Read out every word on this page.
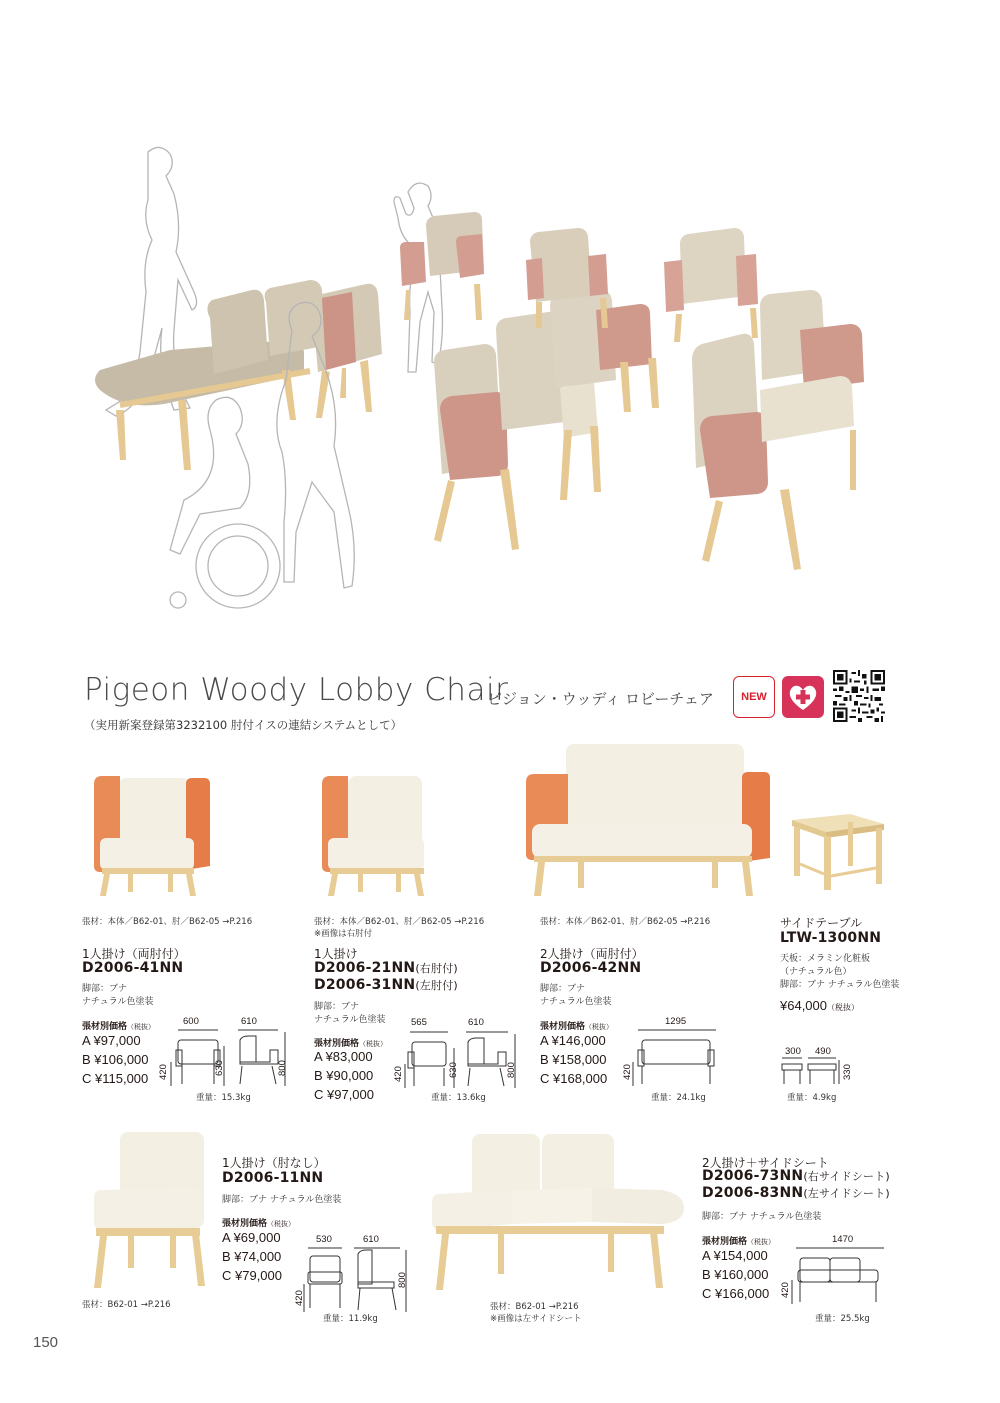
Pigeon Woody Lobby Chair
ピジョン・ウッディ ロビーチェア
（実用新案登録第3232100 肘付イスの連結システムとして）
NEW
張材：本体／B62-01、肘／B62-05 →P.216
1人掛け（両肘付）
D2006-41NN
脚部：ブナ
ナチュラル色塗装
張材別価格（税抜）
A ¥97,000
B ¥106,000
C ¥115,000
600	610
420	630	800
重量：15.3kg
張材：本体／B62-01、肘／B62-05 →P.216
※画像は右肘付
1人掛け
D2006-21NN(右肘付)
D2006-31NN(左肘付)
脚部：ブナ
ナチュラル色塗装
張材別価格（税抜）
A ¥83,000
B ¥90,000
C ¥97,000
565	610
420	630	800
重量：13.6kg
張材：本体／B62-01、肘／B62-05 →P.216
2人掛け（両肘付）
D2006-42NN
脚部：ブナ
ナチュラル色塗装
張材別価格（税抜）
A ¥146,000
B ¥158,000
C ¥168,000
1295
420
重量：24.1kg
サイドテーブル
LTW-1300NN
天板：メラミン化粧板
（ナチュラル色）
脚部：ブナ ナチュラル色塗装
¥64,000（税抜）
300 490
330
重量：4.9kg
張材：B62-01 →P.216
1人掛け（肘なし）
D2006-11NN
脚部：ブナ ナチュラル色塗装
張材別価格（税抜）
A ¥69,000
B ¥74,000
C ¥79,000
530	610
420
800
重量：11.9kg
張材：B62-01 →P.216
※画像は左サイドシート
2人掛け＋サイドシート
D2006-73NN(右サイドシート)
D2006-83NN(左サイドシート)
脚部：ブナ ナチュラル色塗装
張材別価格（税抜）
A ¥154,000
B ¥160,000
C ¥166,000
1470
420
重量：25.5kg
150
